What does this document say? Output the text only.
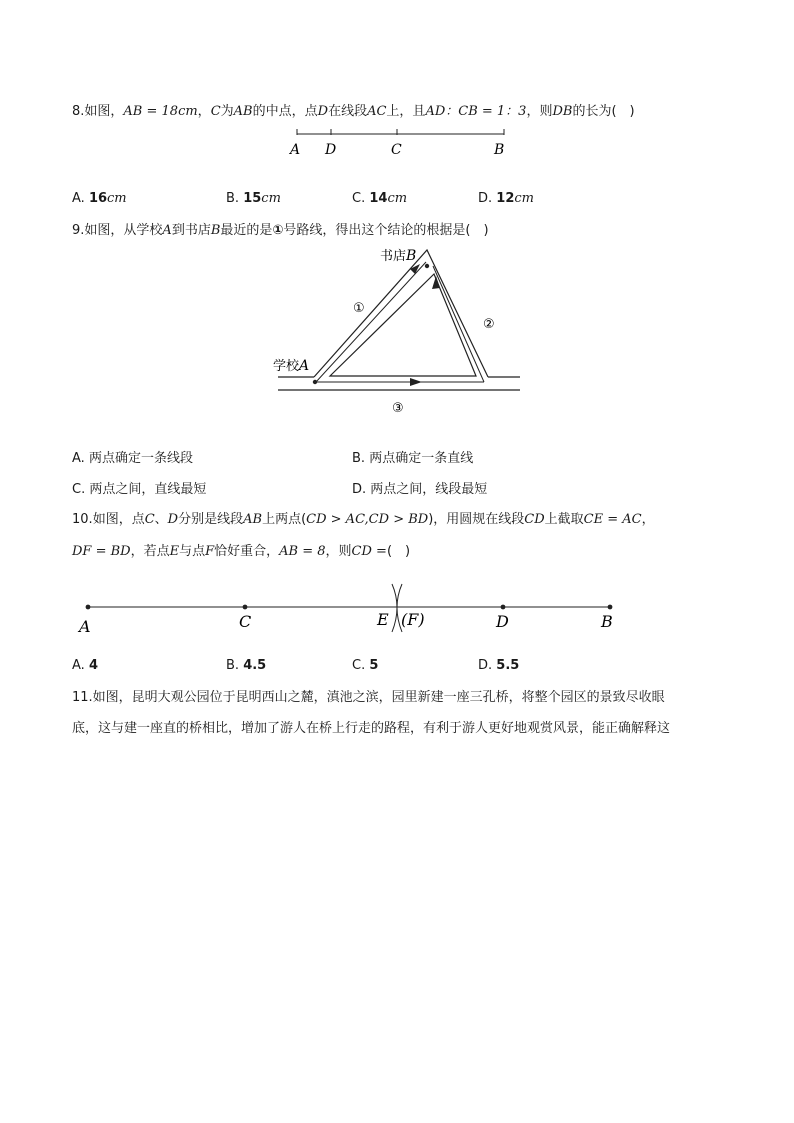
8.如图，AB = 18cm，C为AB的中点，点D在线段AC上，且AD：CB = 1：3，则DB的长为(　)
A D	C	B
A. 16cm	B. 15cm	C. 14cm	D. 12cm
9.如图，从学校A到书店B最近的是①号路线，得出这个结论的根据是(　)
书店B
学校A
①
②
③
A. 两点确定一条线段	B. 两点确定一条直线
C. 两点之间，直线最短	D. 两点之间，线段最短
10.如图，点C、D分别是线段AB上两点(CD > AC,CD > BD)，用圆规在线段CD上截取CE = AC，
DF = BD，若点E与点F恰好重合，AB = 8，则CD =(　)
A	C	E (F)	D	B
A. 4	B. 4.5	C. 5	D. 5.5
11.如图，昆明大观公园位于昆明西山之麓，滇池之滨，园里新建一座三孔桥，将整个园区的景致尽收眼
底，这与建一座直的桥相比，增加了游人在桥上行走的路程，有利于游人更好地观赏风景，能正确解释这
